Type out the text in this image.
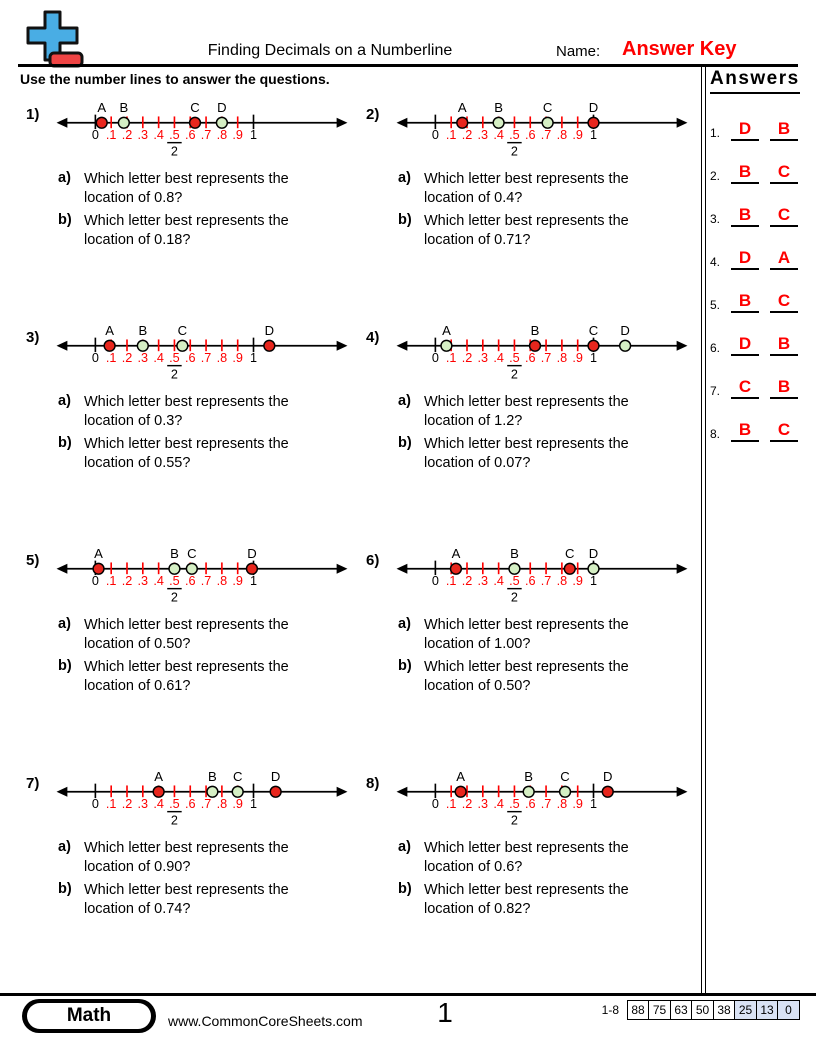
Finding Decimals on a Numberline	Name: Answer Key
Use the number lines to answer the questions.
1)
0 .1 .2 .3 .4 .5 .6 .7 .8 .9 1
2
A B	C D
a) Which letter best represents the
location of 0.8?
b) Which letter best represents the
location of 0.18?
2)
0 .1 .2 .3 .4 .5 .6 .7 .8 .9 1
2
A B	C	D
a) Which letter best represents the
location of 0.4?
b) Which letter best represents the
location of 0.71?
3)
0 .1 .2 .3 .4 .5 .6 .7 .8 .9 1
2
A B C	D
a) Which letter best represents the
location of 0.3?
b) Which letter best represents the
location of 0.55?
4)
0 .1 .2 .3 .4 .5 .6 .7 .8 .9 1
2
A	B	C D
a) Which letter best represents the
location of 1.2?
b) Which letter best represents the
location of 0.07?
5)
0 .1 .2 .3 .4 .5 .6 .7 .8 .9 1
2
A	B C	D
a) Which letter best represents the
location of 0.50?
b) Which letter best represents the
location of 0.61?
6)
0 .1 .2 .3 .4 .5 .6 .7 .8 .9 1
2
A	B	C D
a) Which letter best represents the
location of 1.00?
b) Which letter best represents the
location of 0.50?
7)
0 .1 .2 .3 .4 .5 .6 .7 .8 .9 1
2
A	B C D
a) Which letter best represents the
location of 0.90?
b) Which letter best represents the
location of 0.74?
8)
0 .1 .2 .3 .4 .5 .6 .7 .8 .9 1
2
A	B C D
a) Which letter best represents the
location of 0.6?
b) Which letter best represents the
location of 0.82?
Answers
1.	D	B
2.	B	C
3.	B	C
4.	D	A
5.	B	C
6.	D	B
7.	C	B
8.	B	C
Math	www.CommonCoreSheets.com	1	1-8	88 75 63 50 38 25 13 0
